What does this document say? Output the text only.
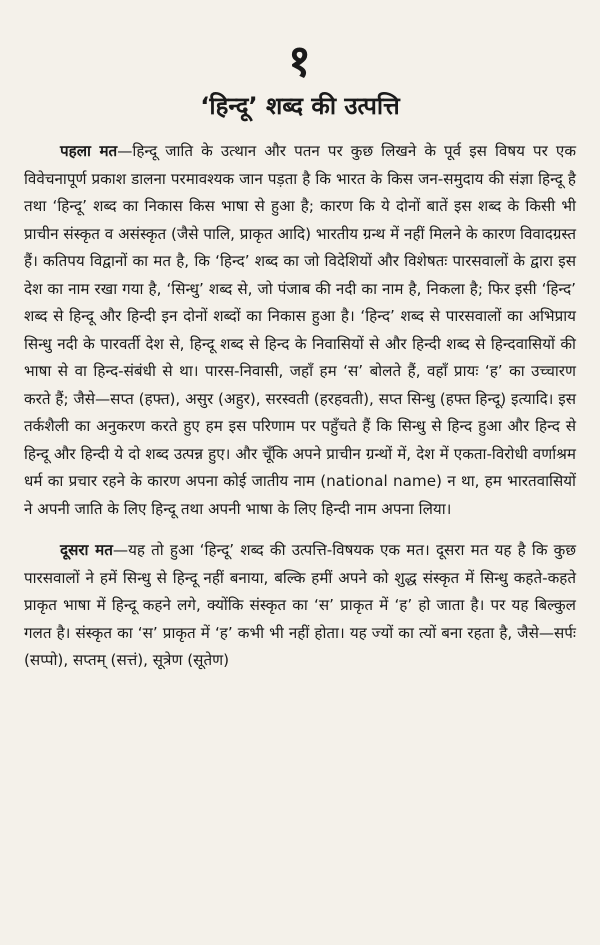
१
‘हिन्दू’ शब्द की उत्पत्ति

पहला मत—हिन्दू जाति के उत्थान और पतन पर कुछ लिखने के पूर्व इस विषय पर एक विवेचनापूर्ण प्रकाश डालना परमावश्यक जान पड़ता है कि भारत के किस जन-समुदाय की संज्ञा हिन्दू है तथा ‘हिन्दू’ शब्द का निकास किस भाषा से हुआ है; कारण कि ये दोनों बातें इस शब्द के किसी भी प्राचीन संस्कृत व असंस्कृत (जैसे पालि, प्राकृत आदि) भारतीय ग्रन्थ में नहीं मिलने के कारण विवादग्रस्त हैं। कतिपय विद्वानों का मत है, कि ‘हिन्द’ शब्द का जो विदेशियों और विशेषतः पारसवालों के द्वारा इस देश का नाम रखा गया है, ‘सिन्धु’ शब्द से, जो पंजाब की नदी का नाम है, निकला है; फिर इसी ‘हिन्द’ शब्द से हिन्दू और हिन्दी इन दोनों शब्दों का निकास हुआ है। ‘हिन्द’ शब्द से पारसवालों का अभिप्राय सिन्धु नदी के पारवर्ती देश से, हिन्दू शब्द से हिन्द के निवासियों से और हिन्दी शब्द से हिन्दवासियों की भाषा से वा हिन्द-संबंधी से था। पारस-निवासी, जहाँ हम ‘स’ बोलते हैं, वहाँ प्रायः ‘ह’ का उच्चारण करते हैं; जैसे—सप्त (हफ्त), असुर (अहुर), सरस्वती (हरहवती), सप्त सिन्धु (हफ्त हिन्दू) इत्यादि। इस तर्कशैली का अनुकरण करते हुए हम इस परिणाम पर पहुँचते हैं कि सिन्धु से हिन्द हुआ और हिन्द से हिन्दू और हिन्दी ये दो शब्द उत्पन्न हुए। और चूँकि अपने प्राचीन ग्रन्थों में, देश में एकता-विरोधी वर्णाश्रम धर्म का प्रचार रहने के कारण अपना कोई जातीय नाम (national name) न था, हम भारतवासियों ने अपनी जाति के लिए हिन्दू तथा अपनी भाषा के लिए हिन्दी नाम अपना लिया।

दूसरा मत—यह तो हुआ ‘हिन्दू’ शब्द की उत्पत्ति-विषयक एक मत। दूसरा मत यह है कि कुछ पारसवालों ने हमें सिन्धु से हिन्दू नहीं बनाया, बल्कि हमीं अपने को शुद्ध संस्कृत में सिन्धु कहते-कहते प्राकृत भाषा में हिन्दू कहने लगे, क्योंकि संस्कृत का ‘स’ प्राकृत में ‘ह’ हो जाता है। पर यह बिल्कुल गलत है। संस्कृत का ‘स’ प्राकृत में ‘ह’ कभी भी नहीं होता। यह ज्यों का त्यों बना रहता है, जैसे—सर्पः (सप्पो), सप्तम् (सत्तं), सूत्रेण (सूतेण)
